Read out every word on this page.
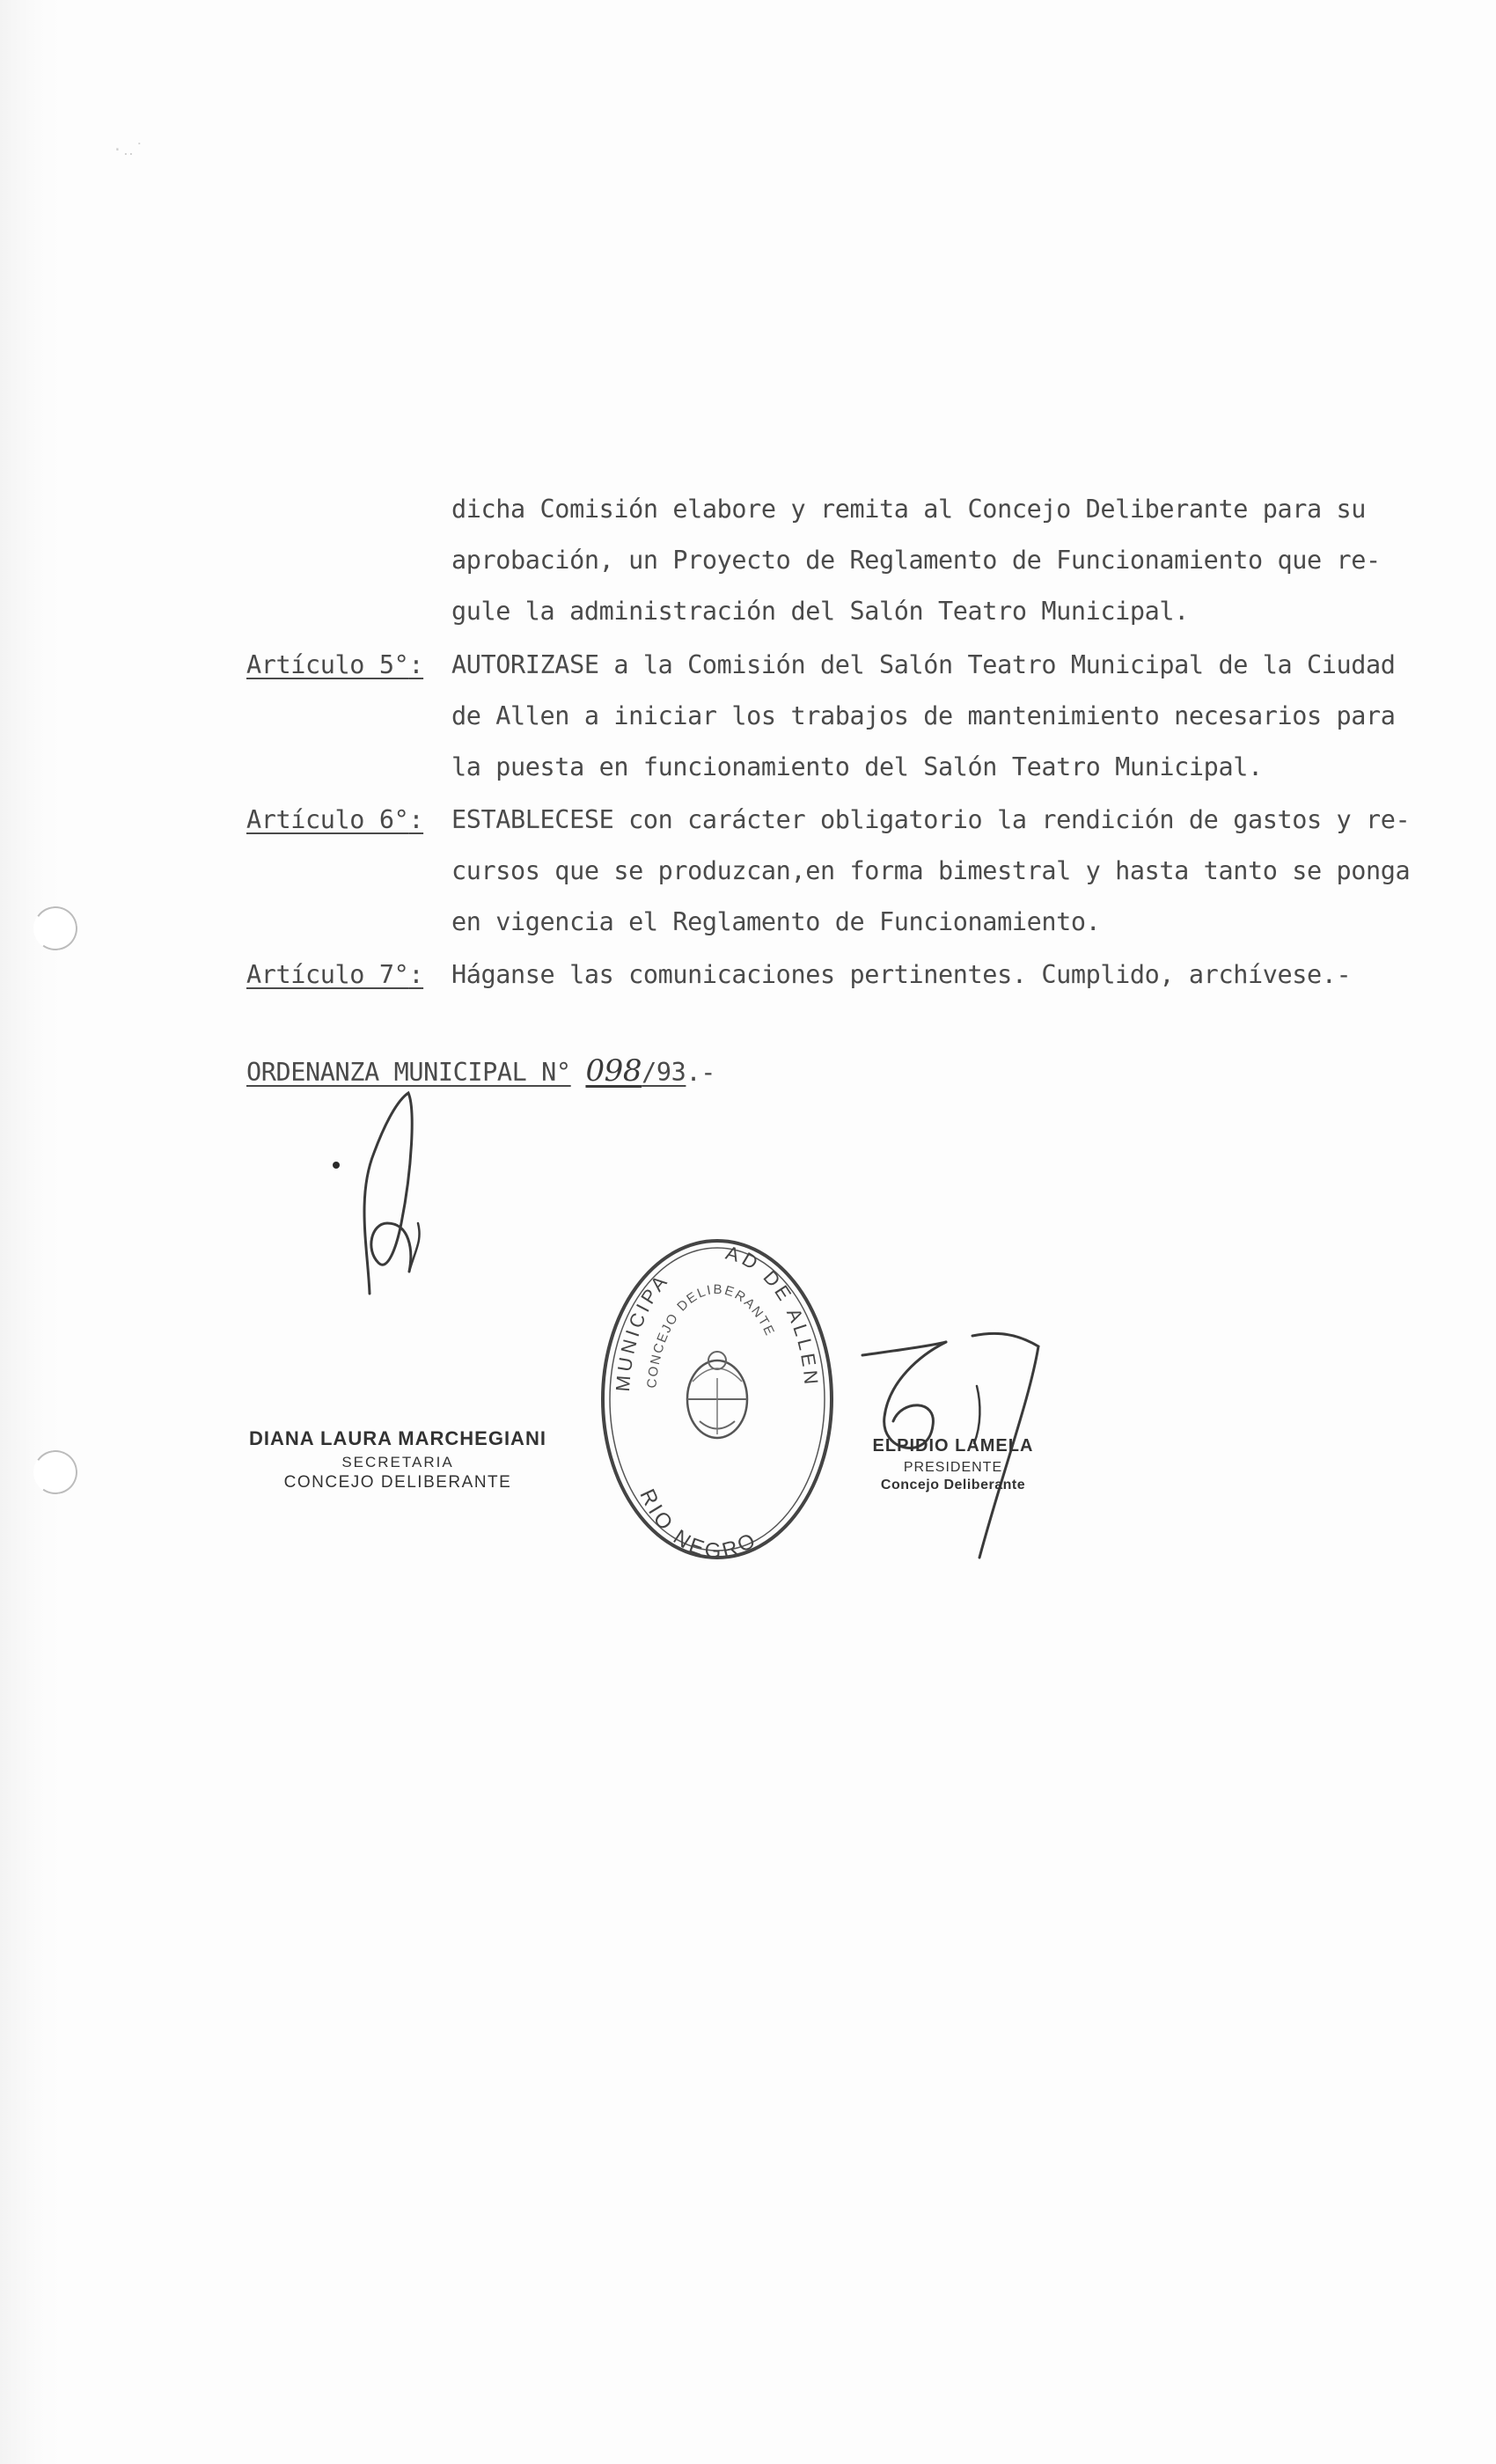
·‥˙
dicha Comisión elabore y remita al Concejo Deliberante para su
aprobación, un Proyecto de Reglamento de Funcionamiento que re-
gule la administración del Salón Teatro Municipal.
Artículo 5°: AUTORIZASE a la Comisión del Salón Teatro Municipal de la Ciudad
de Allen a iniciar los trabajos de mantenimiento necesarios para
la puesta en funcionamiento del Salón Teatro Municipal.
Artículo 6°: ESTABLECESE con carácter obligatorio la rendición de gastos y re-
cursos que se produzcan,en forma bimestral y hasta tanto se ponga
en vigencia el Reglamento de Funcionamiento.
Artículo 7°: Háganse las comunicaciones pertinentes. Cumplido, archívese.-
ORDENANZA MUNICIPAL N° 098/93.-
MUNICIPA
AD DE ALLEN
CONCEJO DELIBERANTE
RIO NEGRO
DIANA LAURA MARCHEGIANI
SECRETARIA
CONCEJO DELIBERANTE
ELPIDIO LAMELA
PRESIDENTE
Concejo Deliberante
